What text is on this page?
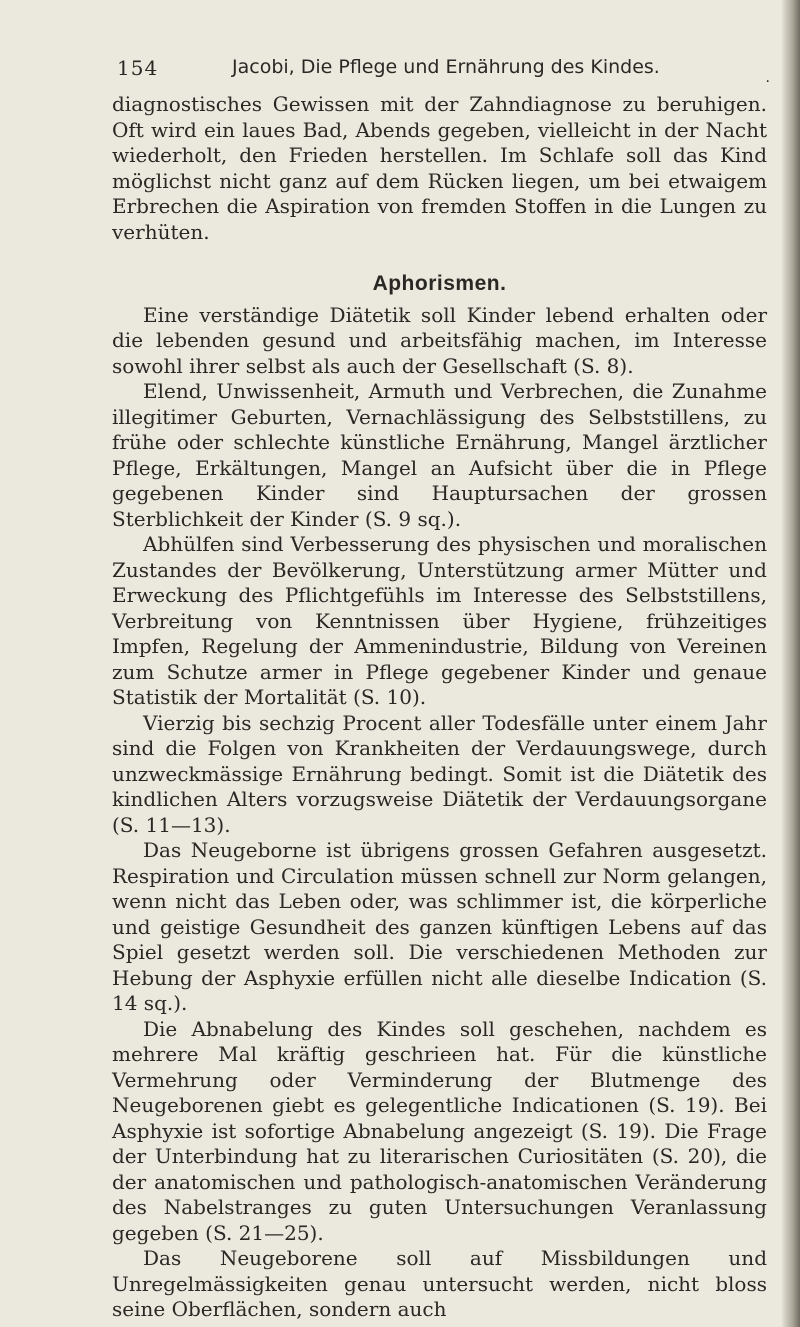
.
154	Jacobi, Die Pflege und Ernährung des Kindes.

diagnostisches Gewissen mit der Zahndiagnose zu beruhigen. Oft wird ein laues Bad, Abends gegeben, vielleicht in der Nacht wiederholt, den Frieden herstellen. Im Schlafe soll das Kind möglichst nicht ganz auf dem Rücken liegen, um bei etwaigem Erbrechen die Aspiration von fremden Stoffen in die Lungen zu verhüten.

Aphorismen.

Eine verständige Diätetik soll Kinder lebend erhalten oder die lebenden gesund und arbeitsfähig machen, im Interesse sowohl ihrer selbst als auch der Gesellschaft (S. 8).

Elend, Unwissenheit, Armuth und Verbrechen, die Zunahme illegitimer Geburten, Vernachlässigung des Selbststillens, zu frühe oder schlechte künstliche Ernährung, Mangel ärztlicher Pflege, Erkältungen, Mangel an Aufsicht über die in Pflege gegebenen Kinder sind Hauptursachen der grossen Sterblichkeit der Kinder (S. 9 sq.).

Abhülfen sind Verbesserung des physischen und moralischen Zustandes der Bevölkerung, Unterstützung armer Mütter und Erweckung des Pflichtgefühls im Interesse des Selbststillens, Verbreitung von Kenntnissen über Hygiene, frühzeitiges Impfen, Regelung der Ammenindustrie, Bildung von Vereinen zum Schutze armer in Pflege gegebener Kinder und genaue Statistik der Mortalität (S. 10).

Vierzig bis sechzig Procent aller Todesfälle unter einem Jahr sind die Folgen von Krankheiten der Verdauungswege, durch unzweckmässige Ernährung bedingt. Somit ist die Diätetik des kindlichen Alters vorzugsweise Diätetik der Verdauungsorgane (S. 11—13).

Das Neugeborne ist übrigens grossen Gefahren ausgesetzt. Respiration und Circulation müssen schnell zur Norm gelangen, wenn nicht das Leben oder, was schlimmer ist, die körperliche und geistige Gesundheit des ganzen künftigen Lebens auf das Spiel gesetzt werden soll. Die verschiedenen Methoden zur Hebung der Asphyxie erfüllen nicht alle dieselbe Indication (S. 14 sq.).

Die Abnabelung des Kindes soll geschehen, nachdem es mehrere Mal kräftig geschrieen hat. Für die künstliche Vermehrung oder Verminderung der Blutmenge des Neugeborenen giebt es gelegentliche Indicationen (S. 19). Bei Asphyxie ist sofortige Abnabelung angezeigt (S. 19). Die Frage der Unterbindung hat zu literarischen Curiositäten (S. 20), die der anatomischen und pathologisch-anatomischen Veränderung des Nabelstranges zu guten Untersuchungen Veranlassung gegeben (S. 21—25).

Das Neugeborene soll auf Missbildungen und Unregelmässigkeiten genau untersucht werden, nicht bloss seine Oberflächen, sondern auch
